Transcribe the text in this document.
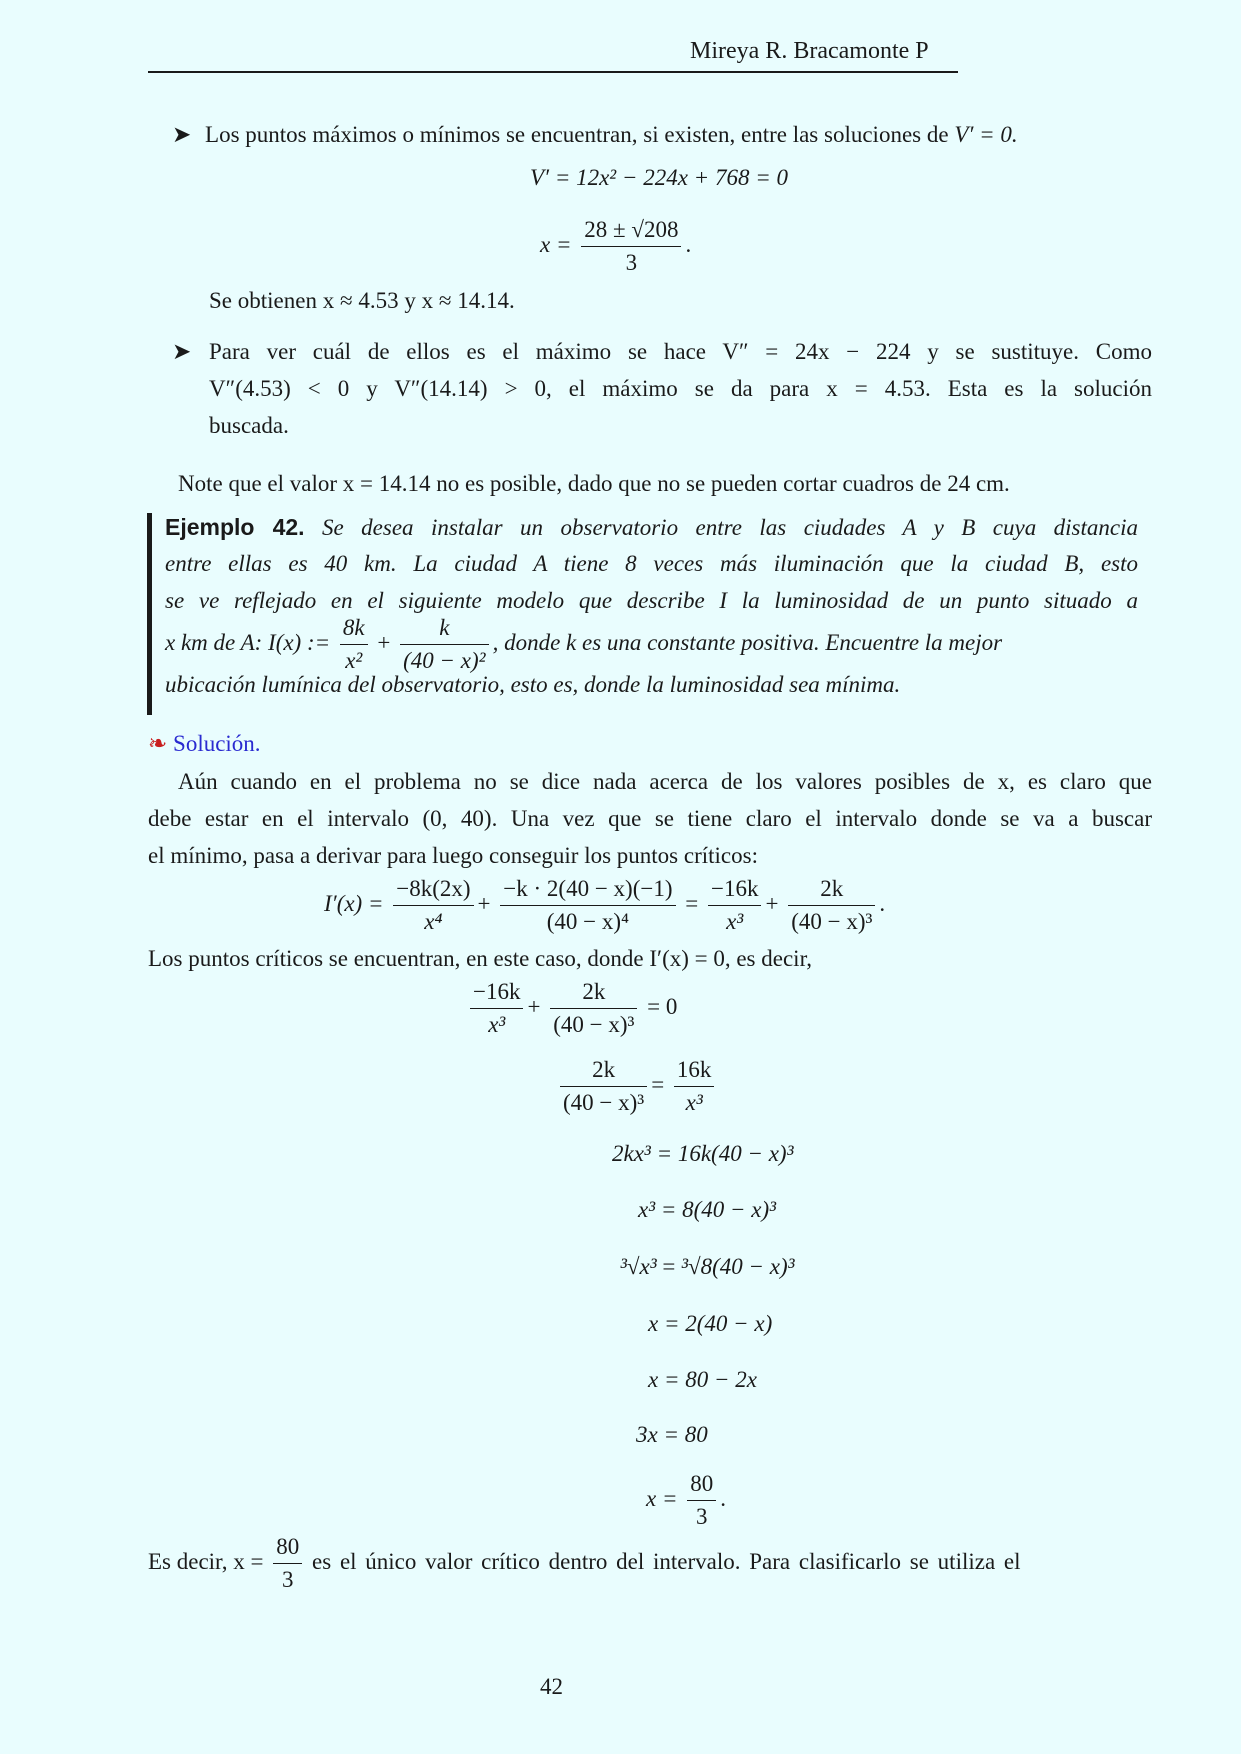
Mireya R. Bracamonte P
➤ Los puntos máximos o mínimos se encuentran, si existen, entre las soluciones de V′ = 0.
V′ = 12x² − 224x + 768 = 0
$x = \frac{28 \pm √208}{3}$ .
Se obtienen x ≈ 4.53 y x ≈ 14.14.
➤ Para ver cuál de ellos es el máximo se hace V″ = 24x − 224 y se sustituye. Como
V″(4.53) < 0 y V″(14.14) > 0, el máximo se da para x = 4.53. Esta es la solución
buscada.
Note que el valor x = 14.14 no es posible, dado que no se pueden cortar cuadros de 24 cm.
Ejemplo 42. Se desea instalar un observatorio entre las ciudades A y B cuya distancia
entre ellas es 40 km. La ciudad A tiene 8 veces más iluminación que la ciudad B, esto
se ve reflejado en el siguiente modelo que describe I la luminosidad de un punto situado a
x km de A: I(x) := $\frac{8k}{\text{x²}} + \frac{k}{\text{(40 − x)²}}$ , donde k es una constante positiva. Encuentre la mejor
ubicación lumínica del observatorio, esto es, donde la luminosidad sea mínima.
❧ Solución.
Aún cuando en el problema no se dice nada acerca de los valores posibles de x, es claro que
debe estar en el intervalo (0, 40). Una vez que se tiene claro el intervalo donde se va a buscar
el mínimo, pasa a derivar para luego conseguir los puntos críticos:
$I'(x) = \frac{-8k(2x)}{\text{x⁴}} + \frac{-k \cdot 2(40 - x)(-1)}{\text{(40 − x)⁴}} = \frac{-16k}{\text{x³}} + \frac{2k}{\text{(40 − x)³}}$ .
Los puntos críticos se encuentran, en este caso, donde I′(x) = 0, es decir,
$\frac{-16k}{\text{x³}} + \frac{2k}{\text{(40 − x)³}} = 0$
$\frac{2k}{\text{(40 − x)³}} = \frac{16k}{\text{x³}}$
2kx³ = 16k(40 − x)³
x³ = 8(40 − x)³
³√x³ = ³√8(40 − x)³
x = 2(40 − x)
x = 80 − 2x
3x = 80
$x = \frac{80}{3}$ .
Es decir, $x = \frac{80}{3}$ es el único valor crítico dentro del intervalo. Para clasificarlo se utiliza el
42
